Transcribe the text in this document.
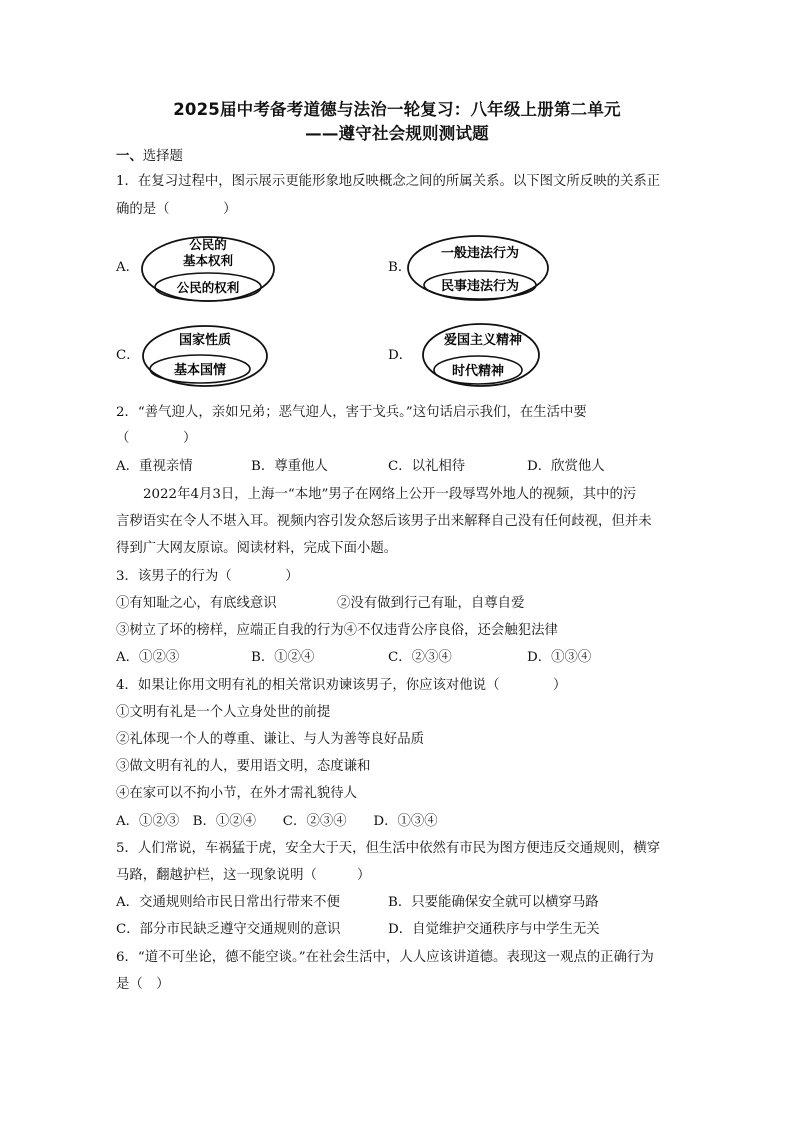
2025届中考备考道德与法治一轮复习：八年级上册第二单元
——遵守社会规则测试题
一、选择题
1．在复习过程中，图示展示更能形象地反映概念之间的所属关系。以下图文所反映的关系正
确的是（　　　　）
A．
公民的
基本权利
公民的权利
B．
一般违法行为
民事违法行为
C．
国家性质
基本国情
D．
爱国主义精神
时代精神
2．“善气迎人，亲如兄弟；恶气迎人，害于戈兵。”这句话启示我们，在生活中要
（　　　　）
A．重视亲情	B．尊重他人	C．以礼相待	D．欣赏他人
2022年4月3日，上海一“本地”男子在网络上公开一段辱骂外地人的视频，其中的污
言秽语实在令人不堪入耳。视频内容引发众怒后该男子出来解释自己没有任何歧视，但并未
得到广大网友原谅。阅读材料，完成下面小题。
3．该男子的行为（　　　　）
①有知耻之心，有底线意识	②没有做到行己有耻，自尊自爱
③树立了坏的榜样，应端正自我的行为④不仅违背公序良俗，还会触犯法律
A．①②③	B．①②④	C．②③④	D．①③④
4．如果让你用文明有礼的相关常识劝谏该男子，你应该对他说（　　　　）
①文明有礼是一个人立身处世的前提
②礼体现一个人的尊重、谦让、与人为善等良好品质
③做文明有礼的人，要用语文明，态度谦和
④在家可以不拘小节，在外才需礼貌待人
A．①②③　B．①②④　　C．②③④　　D．①③④
5．人们常说，车祸猛于虎，安全大于天，但生活中依然有市民为图方便违反交通规则，横穿
马路，翻越护栏，这一现象说明（　　　）
A．交通规则给市民日常出行带来不便	B．只要能确保安全就可以横穿马路
C．部分市民缺乏遵守交通规则的意识	D．自觉维护交通秩序与中学生无关
6．“道不可坐论，德不能空谈。”在社会生活中，人人应该讲道德。表现这一观点的正确行为
是（　）
